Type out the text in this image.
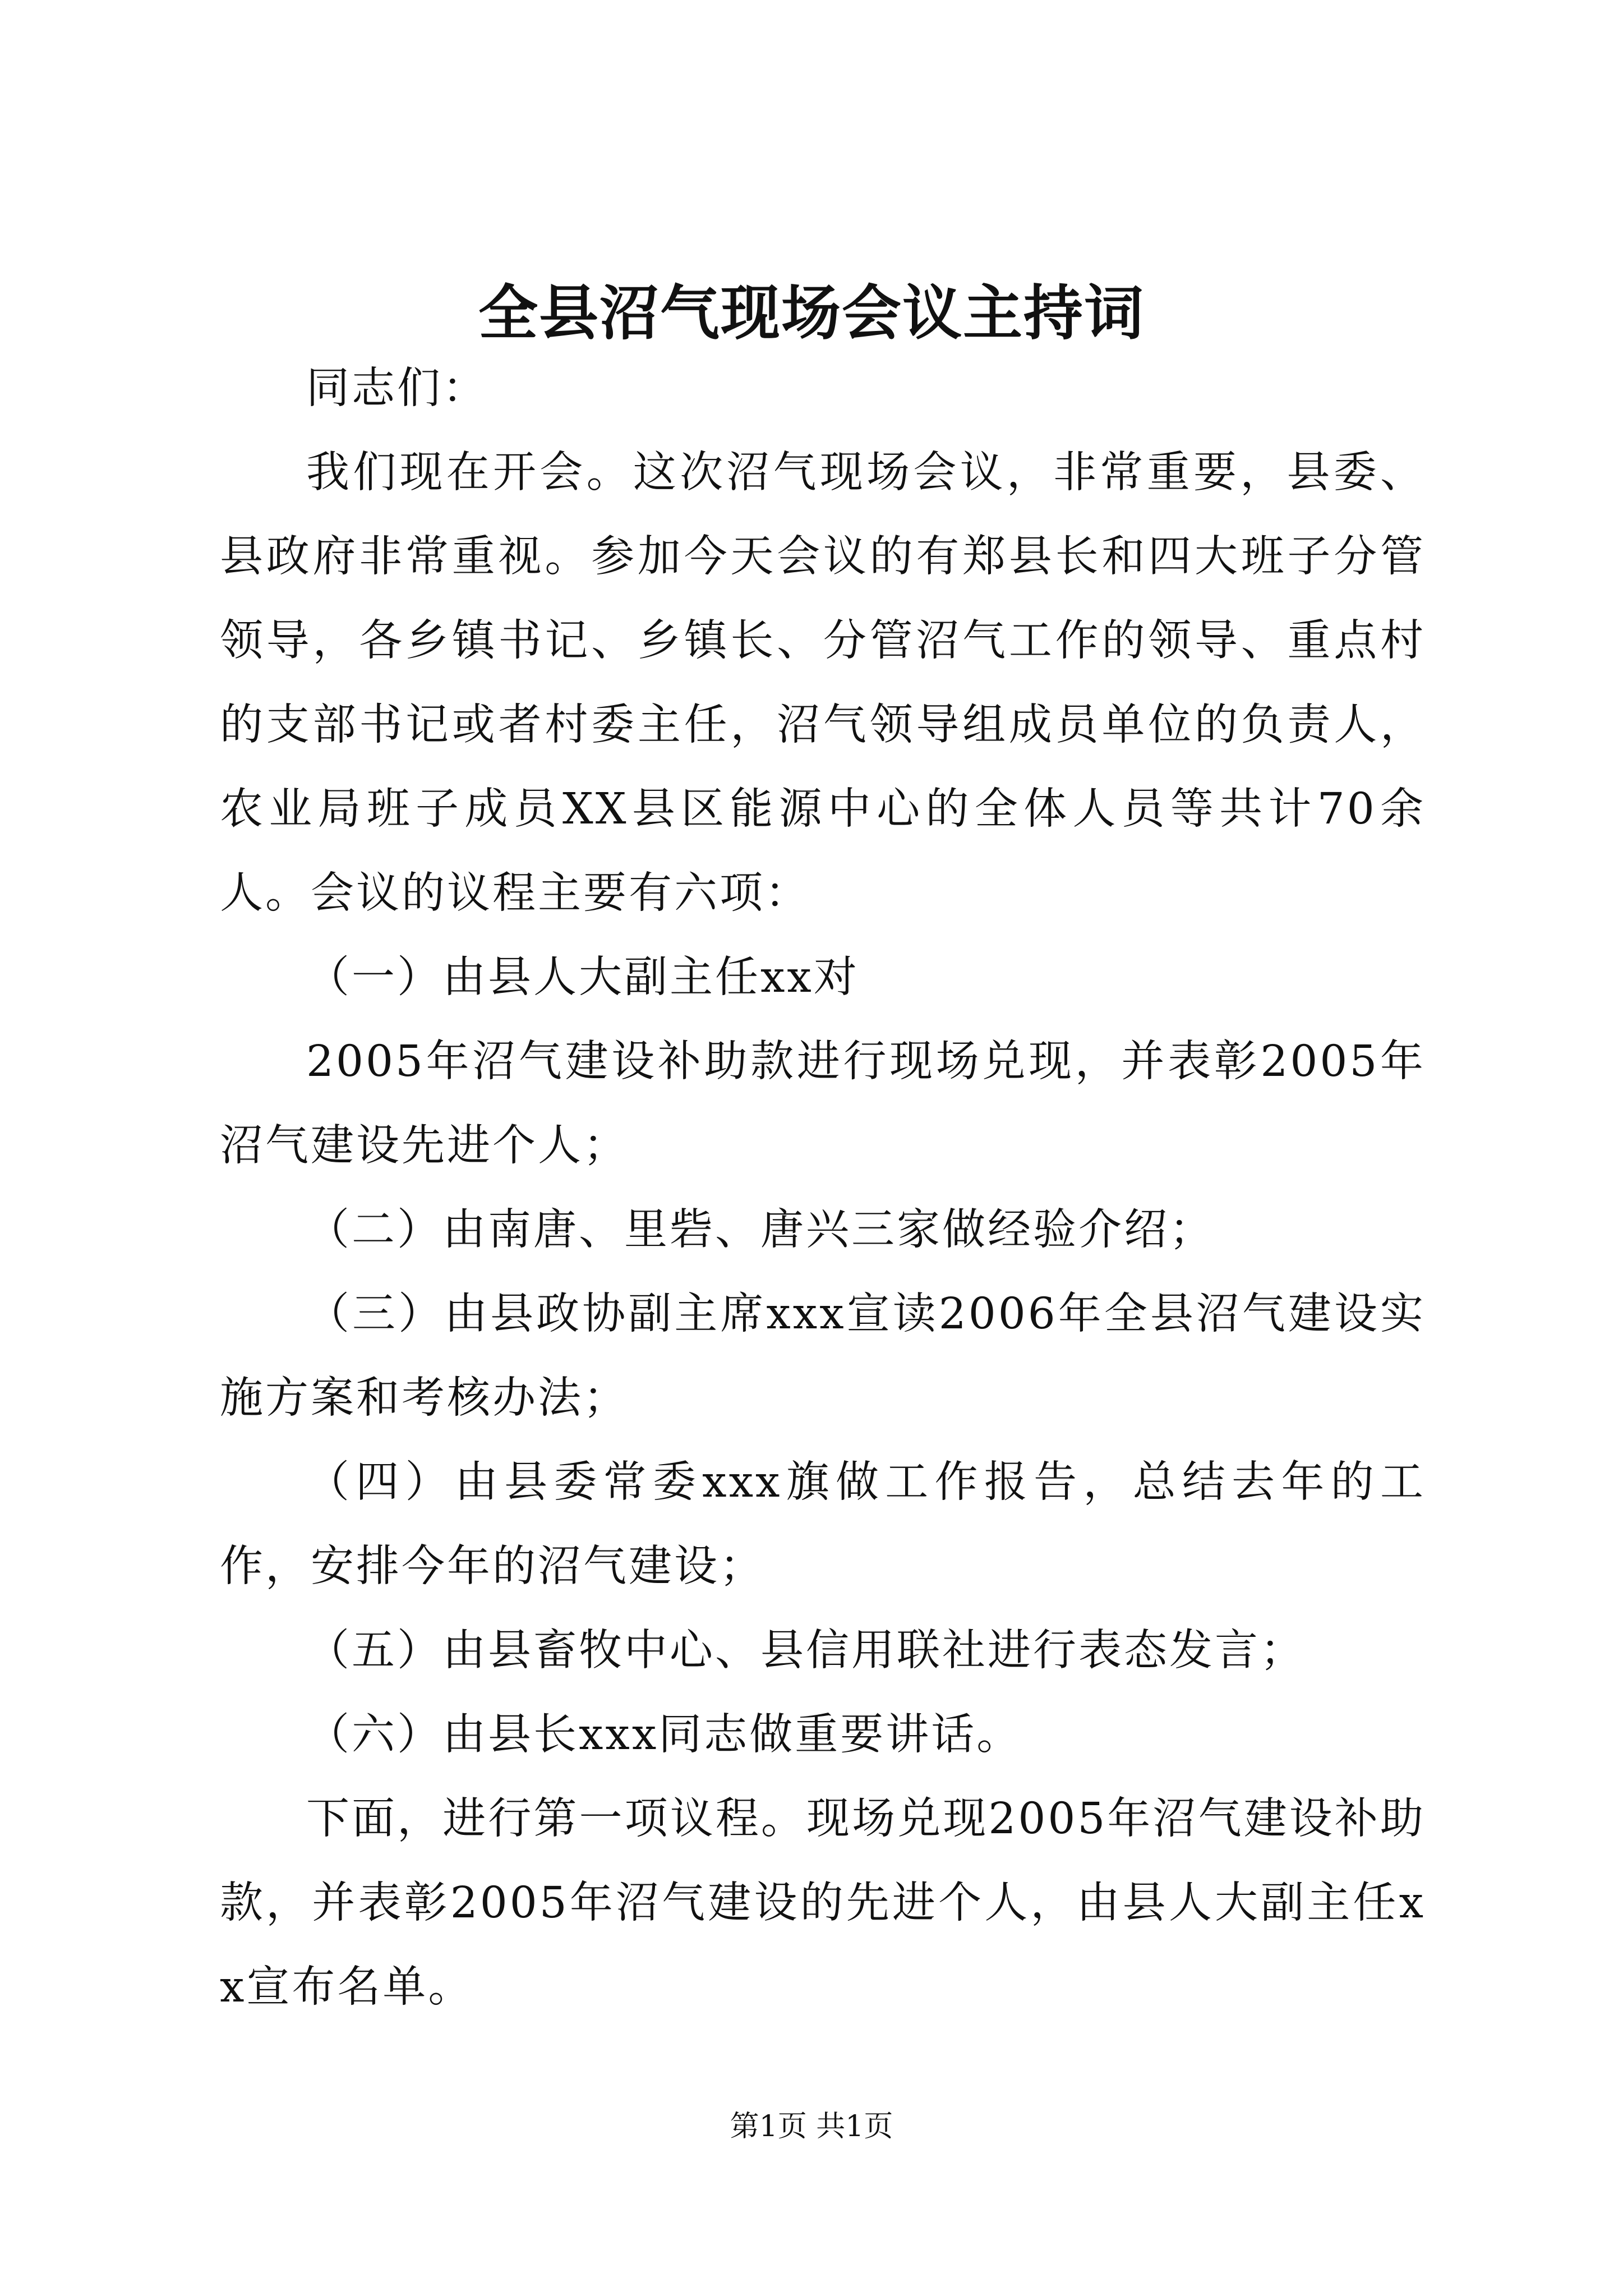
全县沼气现场会议主持词

同志们：

我们现在开会。这次沼气现场会议，非常重要，县委、县政府非常重视。参加今天会议的有郑县长和四大班子分管领导，各乡镇书记、乡镇长、分管沼气工作的领导、重点村的支部书记或者村委主任，沼气领导组成员单位的负责人，农业局班子成员XX县区能源中心的全体人员等共计70余人。会议的议程主要有六项：

（一）由县人大副主任xx对

2005年沼气建设补助款进行现场兑现，并表彰2005年沼气建设先进个人；

（二）由南唐、里砦、唐兴三家做经验介绍；

（三）由县政协副主席xxx宣读2006年全县沼气建设实施方案和考核办法；

（四）由县委常委xxx旗做工作报告，总结去年的工作，安排今年的沼气建设；

（五）由县畜牧中心、县信用联社进行表态发言；

（六）由县长xxx同志做重要讲话。

下面，进行第一项议程。现场兑现2005年沼气建设补助款，并表彰2005年沼气建设的先进个人，由县人大副主任xx宣布名单。

第1页 共1页
